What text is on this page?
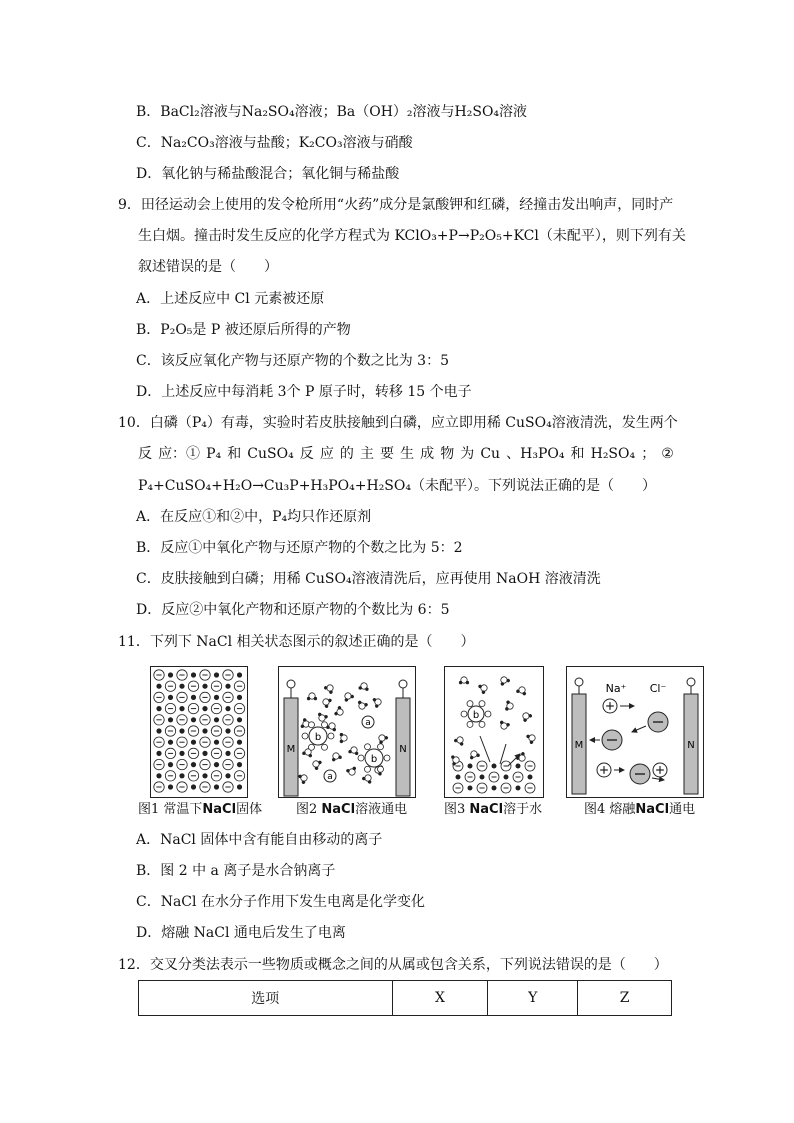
B．BaCl₂溶液与Na₂SO₄溶液；Ba（OH）₂溶液与H₂SO₄溶液
C．Na₂CO₃溶液与盐酸；K₂CO₃溶液与硝酸
D．氧化钠与稀盐酸混合；氧化铜与稀盐酸
9．田径运动会上使用的发令枪所用“火药”成分是氯酸钾和红磷，经撞击发出响声，同时产
生白烟。撞击时发生反应的化学方程式为 KClO₃+P→P₂O₅+KCl（未配平），则下列有关
叙述错误的是（　　）
A．上述反应中 Cl 元素被还原
B．P₂O₅是 P 被还原后所得的产物
C．该反应氧化产物与还原产物的个数之比为 3：5
D．上述反应中每消耗 3个 P 原子时，转移 15 个电子
10．白磷（P₄）有毒，实验时若皮肤接触到白磷，应立即用稀 CuSO₄溶液清洗，发生两个
反 应：① P₄ 和 CuSO₄ 反 应 的 主 要 生 成 物 为 Cu 、H₃PO₄ 和 H₂SO₄ ； ②
P₄+CuSO₄+H₂O→Cu₃P+H₃PO₄+H₂SO₄（未配平）。下列说法正确的是（　　）
A．在反应①和②中，P₄均只作还原剂
B．反应①中氧化产物与还原产物的个数之比为 5：2
C．皮肤接触到白磷；用稀 CuSO₄溶液清洗后，应再使用 NaOH 溶液清洗
D．反应②中氧化产物和还原产物的个数比为 6：5
11．下列下 NaCl 相关状态图示的叙述正确的是（　　）
M	N
b
b
a
a
b
M	N
Na⁺ Cl⁻
图1 常温下NaCl固体	图2 NaCl溶液通电	图3 NaCl溶于水	图4 熔融NaCl通电
A．NaCl 固体中含有能自由移动的离子
B．图 2 中 a 离子是水合钠离子
C．NaCl 在水分子作用下发生电离是化学变化
D．熔融 NaCl 通电后发生了电离
12．交叉分类法表示一些物质或概念之间的从属或包含关系，下列说法错误的是（　　）
选项	X	Y	Z
